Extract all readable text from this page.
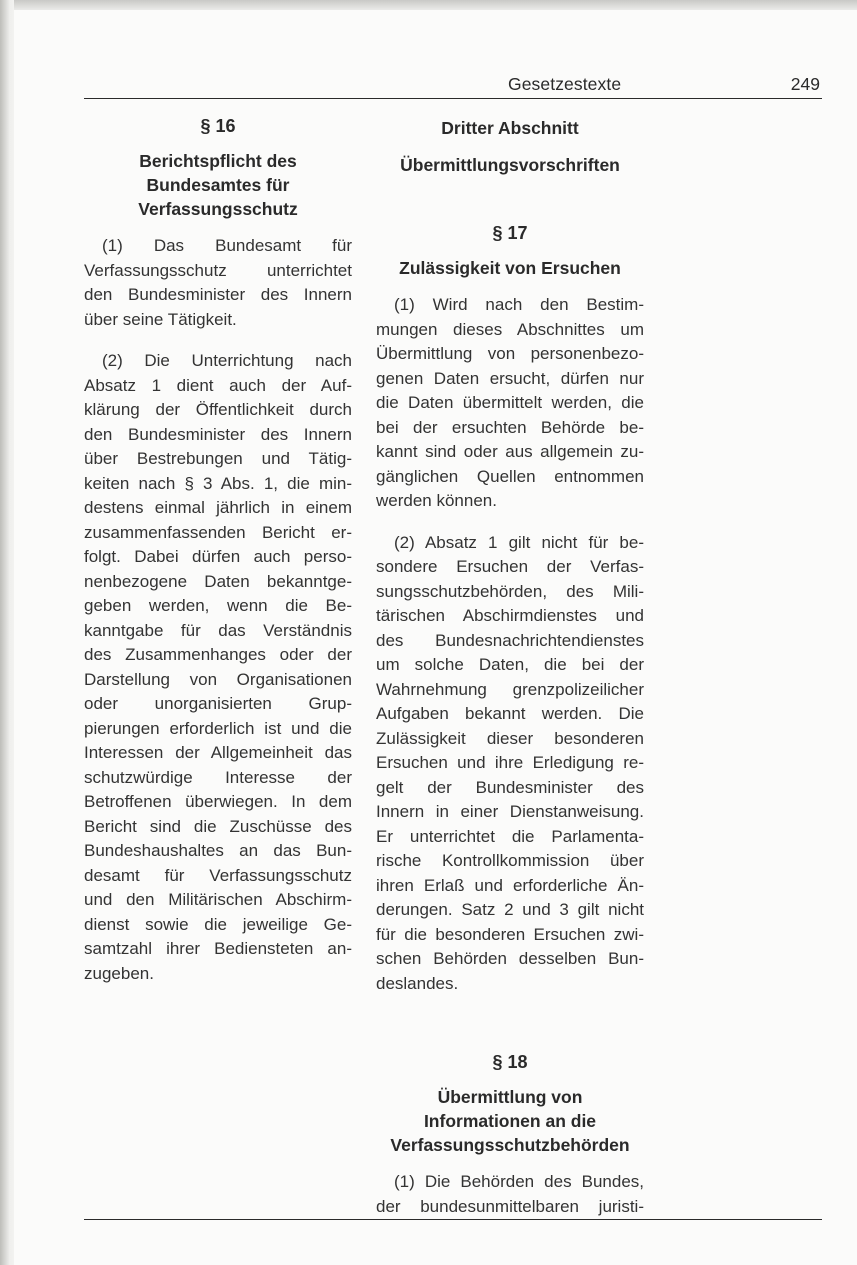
Gesetzestexte	249

§ 16

Berichtspflicht des

Bundesamtes für

Verfassungsschutz

(1) Das Bundesamt für
Verfassungsschutz unterrichtet
den Bundesminister des Innern
über seine Tätigkeit.
(2) Die Unterrichtung nach
Absatz 1 dient auch der Auf-
klärung der Öffentlichkeit durch
den Bundesminister des Innern
über Bestrebungen und Tätig-
keiten nach § 3 Abs. 1, die min-
destens einmal jährlich in einem
zusammenfassenden Bericht er-
folgt. Dabei dürfen auch perso-
nenbezogene Daten bekanntge-
geben werden, wenn die Be-
kanntgabe für das Verständnis
des Zusammenhanges oder der
Darstellung von Organisationen
oder unorganisierten Grup-
pierungen erforderlich ist und die
Interessen der Allgemeinheit das
schutzwürdige Interesse der
Betroffenen überwiegen. In dem
Bericht sind die Zuschüsse des
Bundeshaushaltes an das Bun-
desamt für Verfassungsschutz
und den Militärischen Abschirm-
dienst sowie die jeweilige Ge-
samtzahl ihrer Bediensteten an-
zugeben.

Dritter Abschnitt

Übermittlungsvorschriften

§ 17

Zulässigkeit von Ersuchen

(1) Wird nach den Bestim-
mungen dieses Abschnittes um
Übermittlung von personenbezo-
genen Daten ersucht, dürfen nur
die Daten übermittelt werden, die
bei der ersuchten Behörde be-
kannt sind oder aus allgemein zu-
gänglichen Quellen entnommen
werden können.
(2) Absatz 1 gilt nicht für be-
sondere Ersuchen der Verfas-
sungsschutzbehörden, des Mili-
tärischen Abschirmdienstes und
des Bundesnachrichtendienstes
um solche Daten, die bei der
Wahrnehmung grenzpolizeilicher
Aufgaben bekannt werden. Die
Zulässigkeit dieser besonderen
Ersuchen und ihre Erledigung re-
gelt der Bundesminister des
Innern in einer Dienstanweisung.
Er unterrichtet die Parlamenta-
rische Kontrollkommission über
ihren Erlaß und erforderliche Än-
derungen. Satz 2 und 3 gilt nicht
für die besonderen Ersuchen zwi-
schen Behörden desselben Bun-
deslandes.

§ 18

Übermittlung von

Informationen an die

Verfassungsschutzbehörden

(1) Die Behörden des Bundes,
der bundesunmittelbaren juristi-
